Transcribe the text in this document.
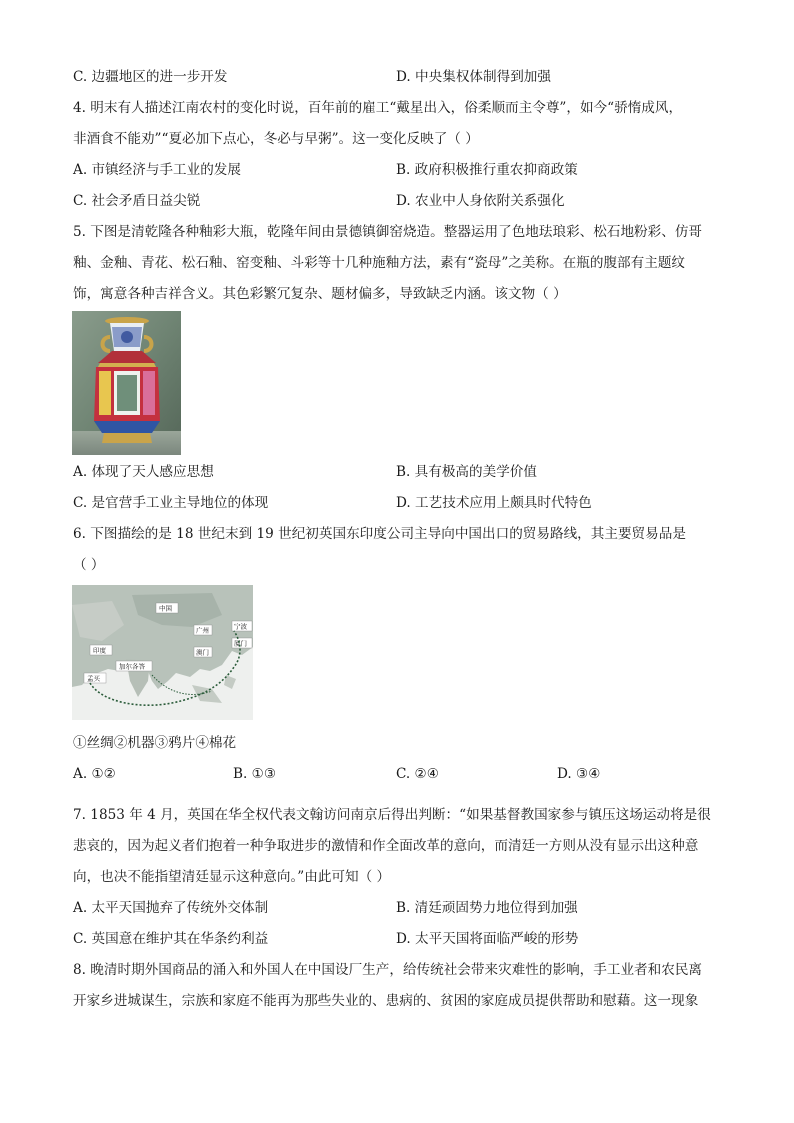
C. 边疆地区的进一步开发	D. 中央集权体制得到加强
4. 明末有人描述江南农村的变化时说，百年前的雇工“戴星出入，俗柔顺而主令尊”，如今“骄惰成风，
非酒食不能劝”“夏必加下点心，冬必与早粥”。这一变化反映了（ ）
A. 市镇经济与手工业的发展	B. 政府积极推行重农抑商政策
C. 社会矛盾日益尖锐	D. 农业中人身依附关系强化
5. 下图是清乾隆各种釉彩大瓶，乾隆年间由景德镇御窑烧造。整器运用了色地珐琅彩、松石地粉彩、仿哥
釉、金釉、青花、松石釉、窑变釉、斗彩等十几种施釉方法，素有“瓷母”之美称。在瓶的腹部有主题纹
饰，寓意各种吉祥含义。其色彩繁冗复杂、题材偏多，导致缺乏内涵。该文物（ ）
A. 体现了天人感应思想	B. 具有极高的美学价值
C. 是官营手工业主导地位的体现	D. 工艺技术应用上颇具时代特色
6. 下图描绘的是 18 世纪末到 19 世纪初英国东印度公司主导向中国出口的贸易路线，其主要贸易品是
（ ）
中国
广州	宁波
厦门
澳门
印度
加尔各答
孟买
①丝绸②机器③鸦片④棉花
A. ①②	B. ①③	C. ②④	D. ③④
7. 1853 年 4 月，英国在华全权代表文翰访问南京后得出判断：“如果基督教国家参与镇压这场运动将是很
悲哀的，因为起义者们抱着一种争取进步的激情和作全面改革的意向，而清廷一方则从没有显示出这种意
向，也决不能指望清廷显示这种意向。”由此可知（ ）
A. 太平天国抛弃了传统外交体制	B. 清廷顽固势力地位得到加强
C. 英国意在维护其在华条约利益	D. 太平天国将面临严峻的形势
8. 晚清时期外国商品的涌入和外国人在中国设厂生产，给传统社会带来灾难性的影响，手工业者和农民离
开家乡进城谋生，宗族和家庭不能再为那些失业的、患病的、贫困的家庭成员提供帮助和慰藉。这一现象
